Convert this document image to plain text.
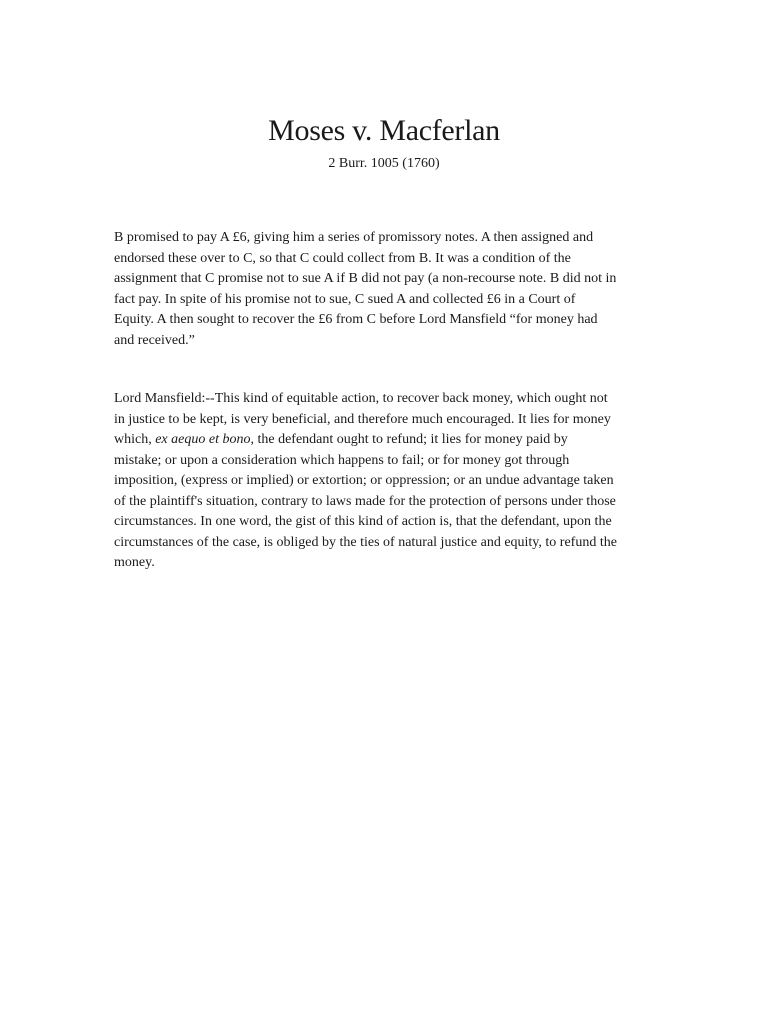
Moses v. Macferlan
2 Burr. 1005 (1760)
B promised to pay A £6, giving him a series of promissory notes. A then assigned and
endorsed these over to C, so that C could collect from B. It was a condition of the
assignment that C promise not to sue A if B did not pay (a non-recourse note. B did not in
fact pay. In spite of his promise not to sue, C sued A and collected £6 in a Court of
Equity. A then sought to recover the £6 from C before Lord Mansfield “for money had
and received.”
Lord Mansfield:--This kind of equitable action, to recover back money, which ought not
in justice to be kept, is very beneficial, and therefore much encouraged. It lies for money
which, ex aequo et bono, the defendant ought to refund; it lies for money paid by
mistake; or upon a consideration which happens to fail; or for money got through
imposition, (express or implied) or extortion; or oppression; or an undue advantage taken
of the plaintiff's situation, contrary to laws made for the protection of persons under those
circumstances. In one word, the gist of this kind of action is, that the defendant, upon the
circumstances of the case, is obliged by the ties of natural justice and equity, to refund the
money.
